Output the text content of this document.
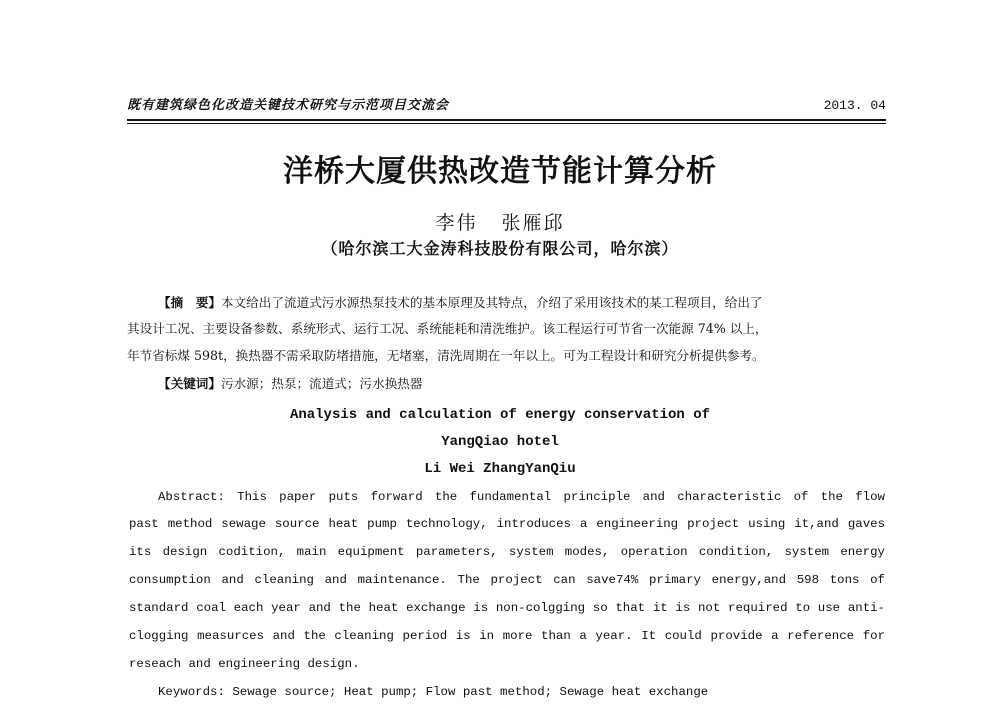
既有建筑绿色化改造关键技术研究与示范项目交流会	2013. 04
洋桥大厦供热改造节能计算分析
李伟 张雁邱
（哈尔滨工大金涛科技股份有限公司，哈尔滨）
【摘　要】本文给出了流道式污水源热泵技术的基本原理及其特点，介绍了采用该技术的某工程项目，给出了
其设计工况、主要设备参数、系统形式、运行工况、系统能耗和清洗维护。该工程运行可节省一次能源 74% 以上，
年节省标煤 598t，换热器不需采取防堵措施，无堵塞，清洗周期在一年以上。可为工程设计和研究分析提供参考。
【关键词】污水源；热泵；流道式；污水换热器
Analysis and calculation of energy conservation of
YangQiao hotel
Li Wei ZhangYanQiu
Abstract: This paper puts forward the fundamental principle and characteristic of the flow
past method sewage source heat pump technology, introduces a engineering project using it,and gaves
its design codition, main equipment parameters, system modes, operation condition, system energy
consumption and cleaning and maintenance. The project can save74% primary energy,and 598 tons of
standard coal each year and the heat exchange is non-colgging so that it is not required to use anti-
clogging measurces and the cleaning period is in more than a year. It could provide a reference for
reseach and engineering design.
Keywords: Sewage source; Heat pump; Flow past method; Sewage heat exchange
